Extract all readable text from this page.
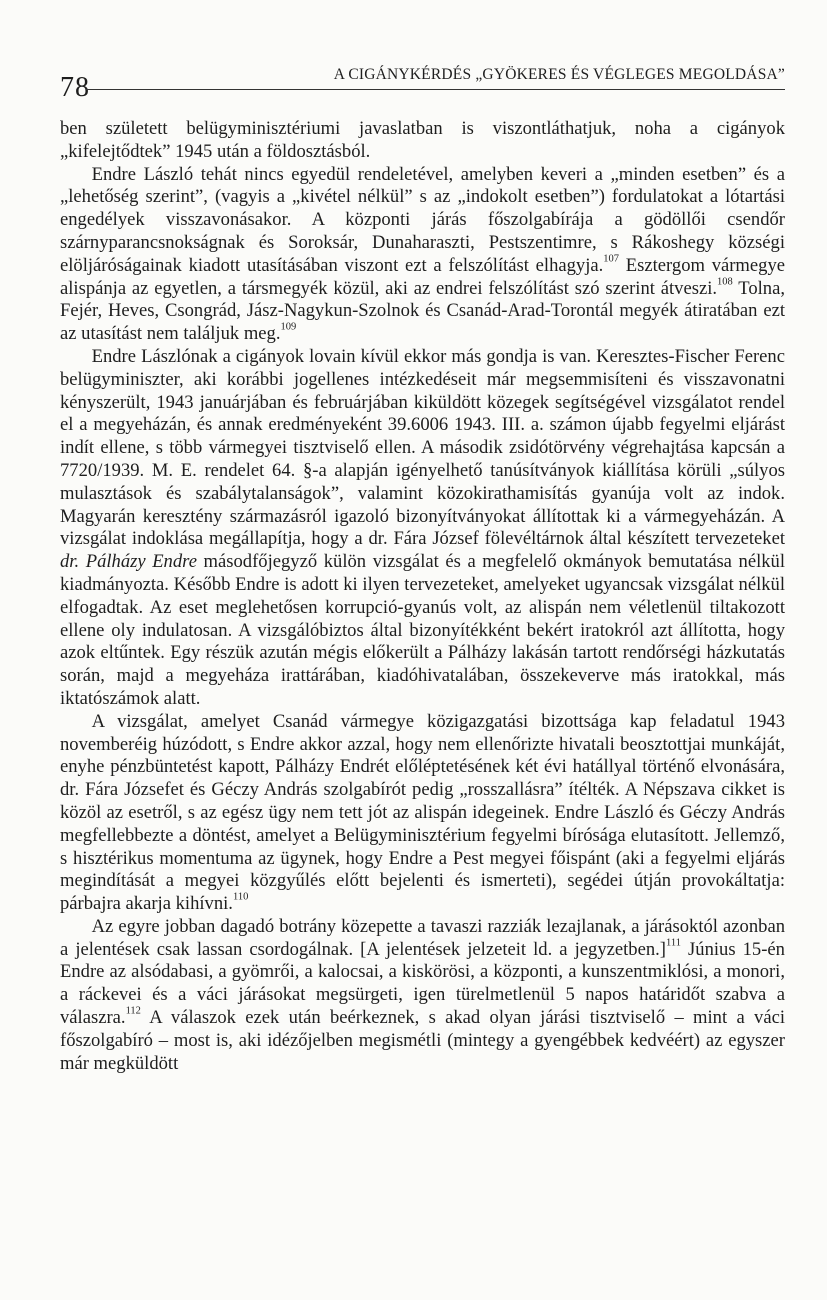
78	A CIGÁNYKÉRDÉS „GYÖKERES ÉS VÉGLEGES MEGOLDÁSA”

ben született belügyminisztériumi javaslatban is viszontláthatjuk, noha a cigányok „kifelejtődtek” 1945 után a földosztásból.

Endre László tehát nincs egyedül rendeletével, amelyben keveri a „minden esetben” és a „lehetőség szerint”, (vagyis a „kivétel nélkül” s az „indokolt esetben”) fordulatokat a lótartási engedélyek visszavonásakor. A központi járás főszolgabírája a gödöllői csendőr szárnyparancsnokságnak és Soroksár, Dunaharaszti, Pestszentimre, s Rákoshegy községi elöljáróságainak kiadott utasításában viszont ezt a felszólítást elhagyja.$^{107}$ Esztergom vármegye alispánja az egyetlen, a társmegyék közül, aki az endrei felszólítást szó szerint átveszi.$^{108}$ Tolna, Fejér, Heves, Csongrád, Jász-Nagykun-Szolnok és Csanád-Arad-Torontál megyék átiratában ezt az utasítást nem találjuk meg.$^{109}$

Endre Lászlónak a cigányok lovain kívül ekkor más gondja is van. Keresztes-Fischer Ferenc belügyminiszter, aki korábbi jogellenes intézkedéseit már megsemmisíteni és visszavonatni kényszerült, 1943 januárjában és februárjában kiküldött közegek segítségével vizsgálatot rendel el a megyeházán, és annak eredményeként 39.6006 1943. III. a. számon újabb fegyelmi eljárást indít ellene, s több vármegyei tisztviselő ellen. A második zsidótörvény végrehajtása kapcsán a 7720/1939. M. E. rendelet 64. §-a alapján igényelhető tanúsítványok kiállítása körüli „súlyos mulasztások és szabálytalanságok”, valamint közokirathamisítás gyanúja volt az indok. Magyarán keresztény származásról igazoló bizonyítványokat állítottak ki a vármegyeházán. A vizsgálat indoklása megállapítja, hogy a dr. Fára József fölevéltárnok által készített tervezeteket dr. Pálházy Endre másodfőjegyző külön vizsgálat és a megfelelő okmányok bemutatása nélkül kiadmányozta. Később Endre is adott ki ilyen tervezeteket, amelyeket ugyancsak vizsgálat nélkül elfogadtak. Az eset meglehetősen korrupció-gyanús volt, az alispán nem véletlenül tiltakozott ellene oly indulatosan. A vizsgálóbiztos által bizonyítékként bekért iratokról azt állította, hogy azok eltűntek. Egy részük azután mégis előkerült a Pálházy lakásán tartott rendőrségi házkutatás során, majd a megyeháza irattárában, kiadóhivatalában, összekeverve más iratokkal, más iktatószámok alatt.

A vizsgálat, amelyet Csanád vármegye közigazgatási bizottsága kap feladatul 1943 novemberéig húzódott, s Endre akkor azzal, hogy nem ellenőrizte hivatali beosztottjai munkáját, enyhe pénzbüntetést kapott, Pálházy Endrét előléptetésének két évi hatállyal történő elvonására, dr. Fára Józsefet és Géczy András szolgabírót pedig „rosszallásra” ítélték. A Népszava cikket is közöl az esetről, s az egész ügy nem tett jót az alispán idegeinek. Endre László és Géczy András megfellebbezte a döntést, amelyet a Belügyminisztérium fegyelmi bírósága elutasított. Jellemző, s hisztérikus momentuma az ügynek, hogy Endre a Pest megyei főispánt (aki a fegyelmi eljárás megindítását a megyei közgyűlés előtt bejelenti és ismerteti), segédei útján provokáltatja: párbajra akarja kihívni.$^{110}$

Az egyre jobban dagadó botrány közepette a tavaszi razziák lezajlanak, a járásoktól azonban a jelentések csak lassan csordogálnak. [A jelentések jelzeteit ld. a jegyzetben.]$^{111}$ Június 15-én Endre az alsódabasi, a gyömrői, a kalocsai, a kiskörösi, a központi, a kunszentmiklósi, a monori, a ráckevei és a váci járásokat megsürgeti, igen türelmetlenül 5 napos határidőt szabva a válaszra.$^{112}$ A válaszok ezek után beérkeznek, s akad olyan járási tisztviselő – mint a váci főszolgabíró – most is, aki idézőjelben megismétli (mintegy a gyengébbek kedvéért) az egyszer már megküldött
